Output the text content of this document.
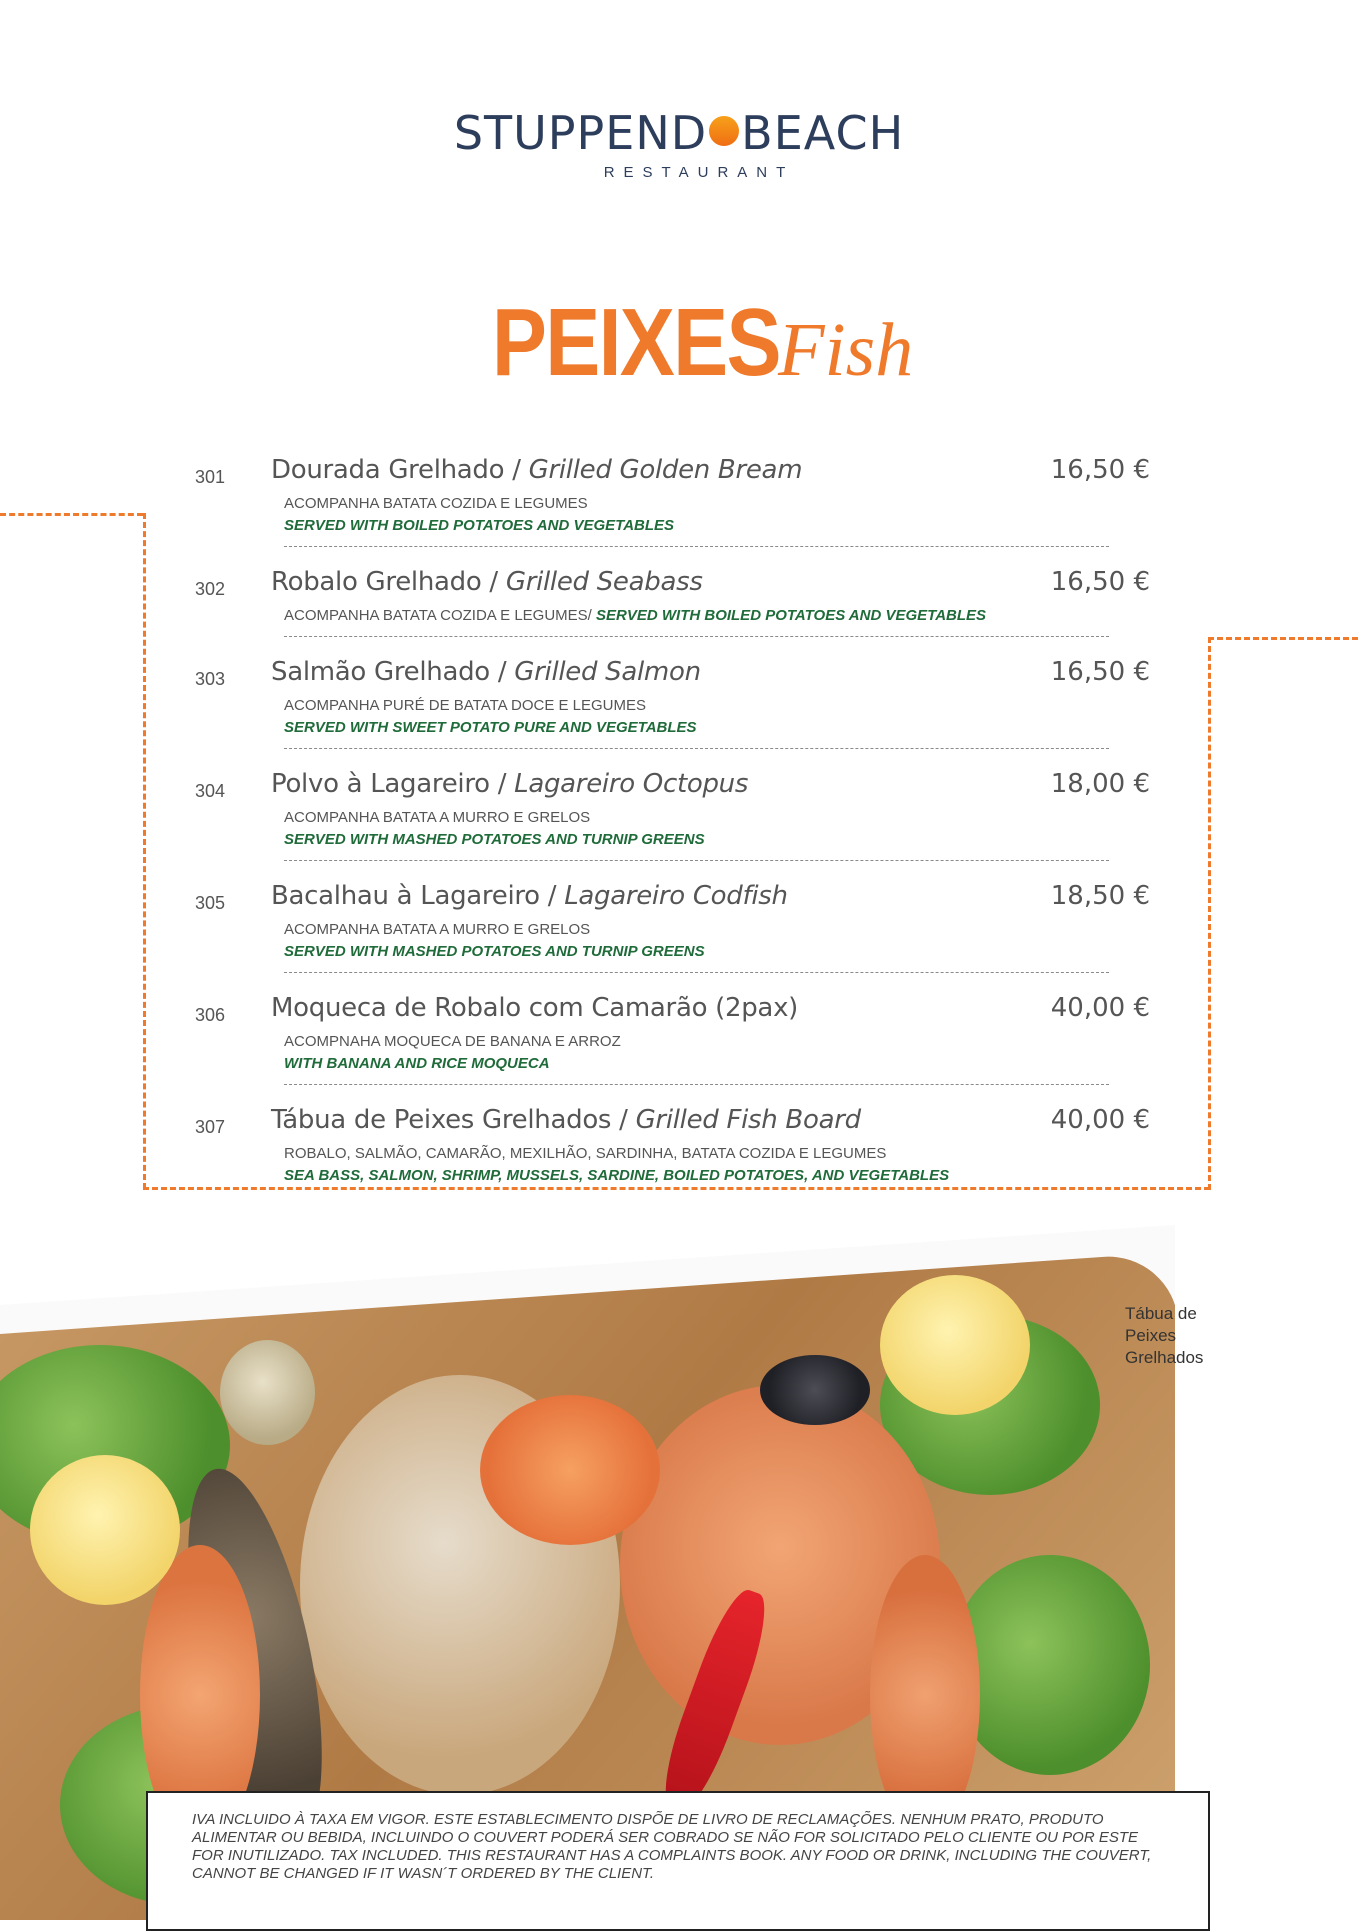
STUPPEND BEACH
RESTAURANT
PEIXES Fish
301 Dourada Grelhado / Grilled Golden Bream	16,50 €
ACOMPANHA BATATA COZIDA E LEGUMES
SERVED WITH BOILED POTATOES AND VEGETABLES
302 Robalo Grelhado / Grilled Seabass	16,50 €
ACOMPANHA BATATA COZIDA E LEGUMES/ SERVED WITH BOILED POTATOES AND VEGETABLES
303 Salmão Grelhado / Grilled Salmon	16,50 €
ACOMPANHA PURÉ DE BATATA DOCE E LEGUMES
SERVED WITH SWEET POTATO PURE AND VEGETABLES
304 Polvo à Lagareiro / Lagareiro Octopus	18,00 €
ACOMPANHA BATATA A MURRO E GRELOS
SERVED WITH MASHED POTATOES AND TURNIP GREENS
305 Bacalhau à Lagareiro / Lagareiro Codfish	18,50 €
ACOMPANHA BATATA A MURRO E GRELOS
SERVED WITH MASHED POTATOES AND TURNIP GREENS
306 Moqueca de Robalo com Camarão (2pax)	40,00 €
ACOMPNAHA MOQUECA DE BANANA E ARROZ
WITH BANANA AND RICE MOQUECA
307 Tábua de Peixes Grelhados / Grilled Fish Board	40,00 €
ROBALO, SALMÃO, CAMARÃO, MEXILHÃO, SARDINHA, BATATA COZIDA E LEGUMES
SEA BASS, SALMON, SHRIMP, MUSSELS, SARDINE, BOILED POTATOES, AND VEGETABLES
Tábua de Peixes Grelhados
IVA INCLUIDO À TAXA EM VIGOR. ESTE ESTABLECIMENTO DISPÕE DE LIVRO DE RECLAMAÇÕES. NENHUM PRATO, PRODUTO ALIMENTAR OU BEBIDA, INCLUINDO O COUVERT PODERÁ SER COBRADO SE NÃO FOR SOLICITADO PELO CLIENTE OU POR ESTE FOR INUTILIZADO. TAX INCLUDED. THIS RESTAURANT HAS A COMPLAINTS BOOK. ANY FOOD OR DRINK, INCLUDING THE COUVERT, CANNOT BE CHANGED IF IT WASN´T ORDERED BY THE CLIENT.
